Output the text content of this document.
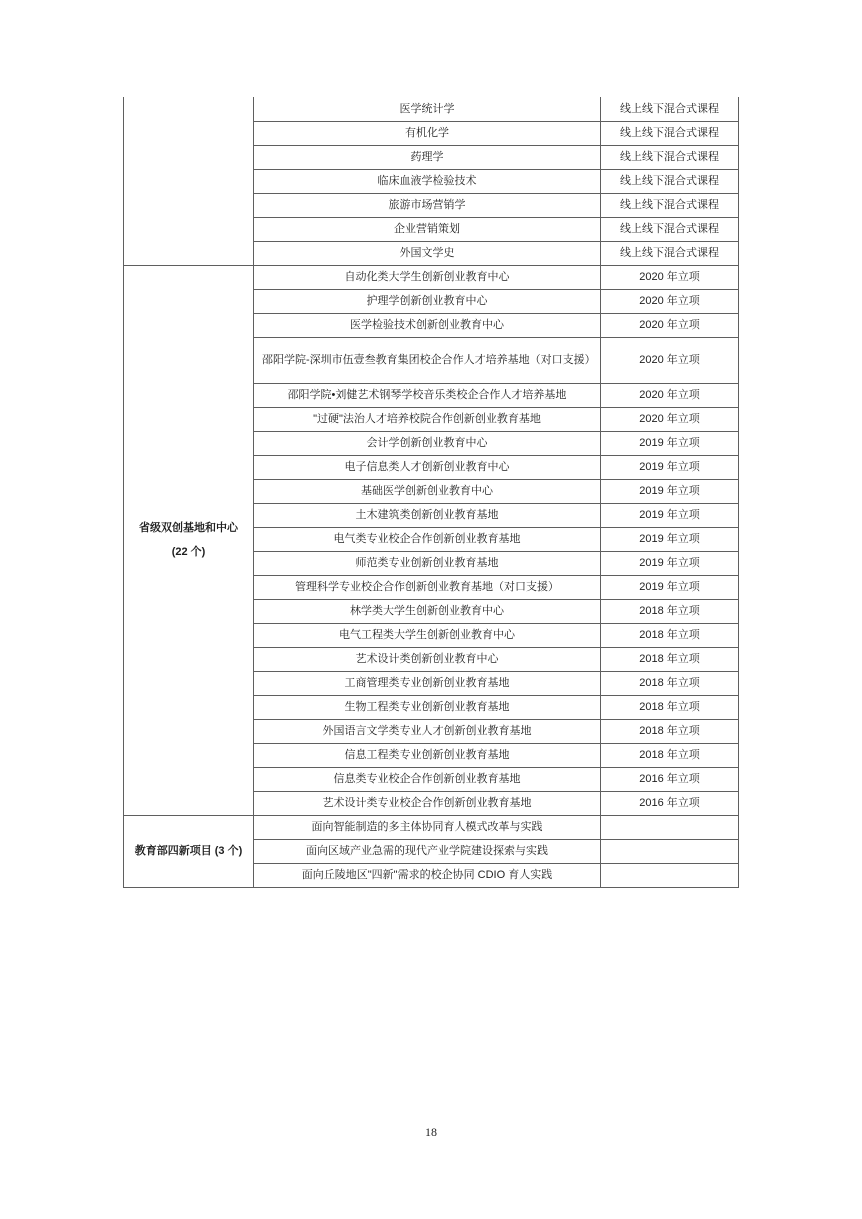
	医学统计学	线上线下混合式课程
	有机化学	线上线下混合式课程
	药理学	线上线下混合式课程
	临床血液学检验技术	线上线下混合式课程
	旅游市场营销学	线上线下混合式课程
	企业营销策划	线上线下混合式课程
	外国文学史	线上线下混合式课程

省级双创基地和中心
(22 个)	自动化类大学生创新创业教育中心	2020 年立项
	护理学创新创业教育中心	2020 年立项
	医学检验技术创新创业教育中心	2020 年立项
	邵阳学院-深圳市伍壹叁教育集团校企合作人才培养基地（对口支援）	2020 年立项
	邵阳学院•刘健艺术钢琴学校音乐类校企合作人才培养基地	2020 年立项
	"过硬"法治人才培养校院合作创新创业教育基地	2020 年立项
	会计学创新创业教育中心	2019 年立项
	电子信息类人才创新创业教育中心	2019 年立项
	基础医学创新创业教育中心	2019 年立项
	土木建筑类创新创业教育基地	2019 年立项
	电气类专业校企合作创新创业教育基地	2019 年立项
	师范类专业创新创业教育基地	2019 年立项
	管理科学专业校企合作创新创业教育基地（对口支援）	2019 年立项
	林学类大学生创新创业教育中心	2018 年立项
	电气工程类大学生创新创业教育中心	2018 年立项
	艺术设计类创新创业教育中心	2018 年立项
	工商管理类专业创新创业教育基地	2018 年立项
	生物工程类专业创新创业教育基地	2018 年立项
	外国语言文学类专业人才创新创业教育基地	2018 年立项
	信息工程类专业创新创业教育基地	2018 年立项
	信息类专业校企合作创新创业教育基地	2016 年立项
	艺术设计类专业校企合作创新创业教育基地	2016 年立项

教育部四新项目 (3 个)	面向智能制造的多主体协同育人模式改革与实践	
	面向区域产业急需的现代产业学院建设探索与实践	
	面向丘陵地区"四新"需求的校企协同 CDIO 育人实践	
18
